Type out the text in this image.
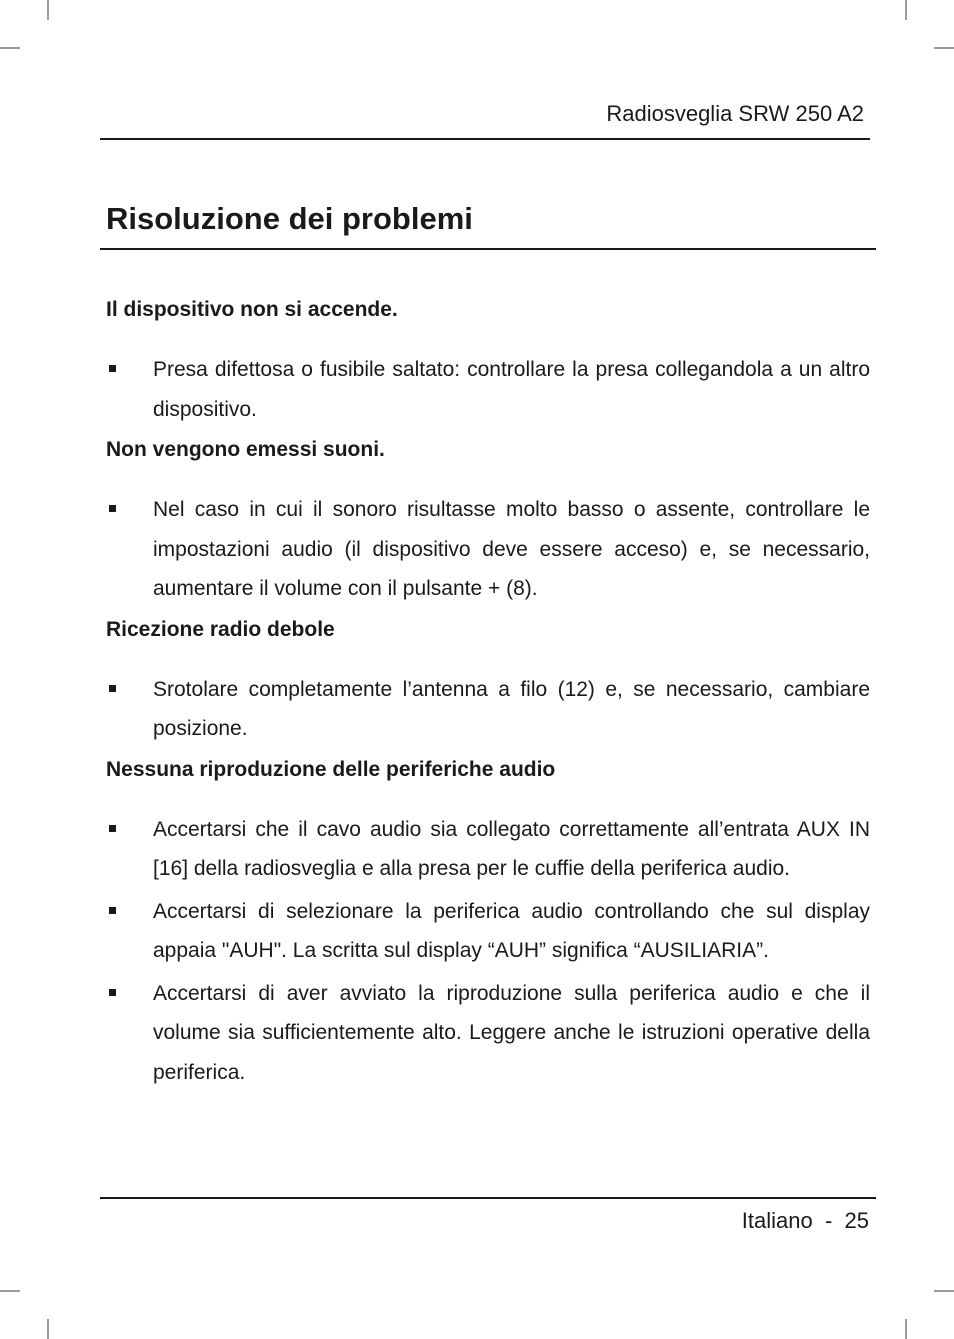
Radiosveglia SRW 250 A2
Risoluzione dei problemi
Il dispositivo non si accende.
Presa difettosa o fusibile saltato: controllare la presa collegandola a un altro dispositivo.
Non vengono emessi suoni.
Nel caso in cui il sonoro risultasse molto basso o assente, controllare le impostazioni audio (il dispositivo deve essere acceso) e, se necessario, aumentare il volume con il pulsante + (8).
Ricezione radio debole
Srotolare completamente l’antenna a filo (12) e, se necessario, cambiare posizione.
Nessuna riproduzione delle periferiche audio
Accertarsi che il cavo audio sia collegato correttamente all’entrata AUX IN [16] della radiosveglia e alla presa per le cuffie della periferica audio.
Accertarsi di selezionare la periferica audio controllando che sul display appaia "AUH". La scritta sul display “AUH” significa “AUSILIARIA”.
Accertarsi di aver avviato la riproduzione sulla periferica audio e che il volume sia sufficientemente alto. Leggere anche le istruzioni operative della periferica.
Italiano - 25
